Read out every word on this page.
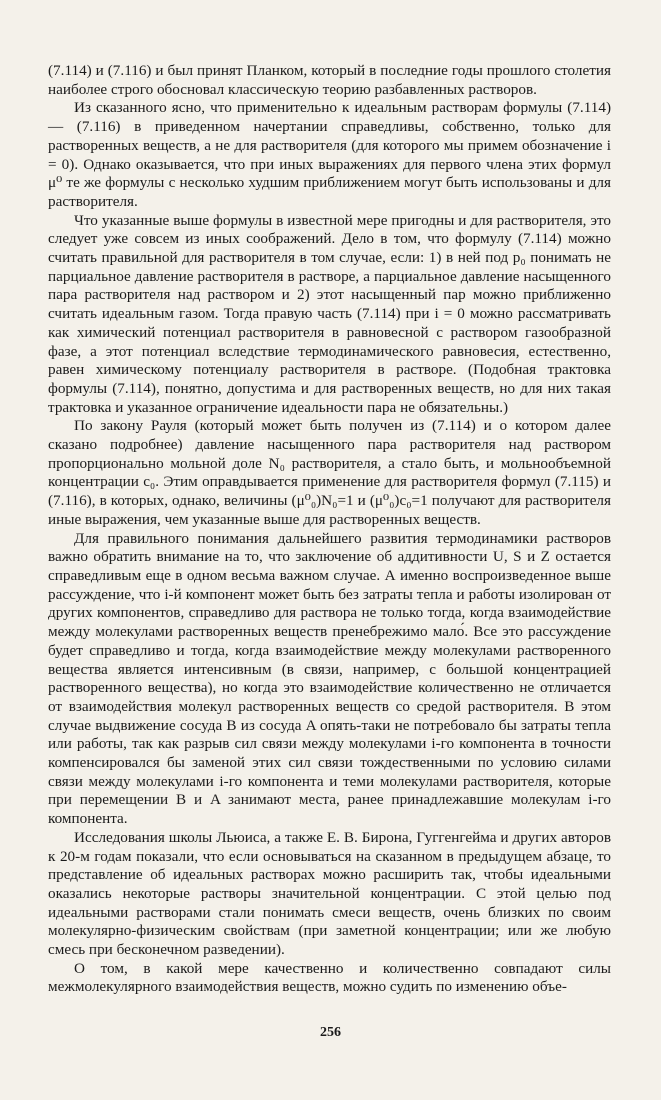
(7.114) и (7.116) и был принят Планком, который в последние годы прошлого столетия наиболее строго обосновал классическую теорию разбавленных растворов.

Из сказанного ясно, что применительно к идеальным растворам формулы (7.114) — (7.116) в приведенном начертании справедливы, собственно, только для растворенных веществ, а не для растворителя (для которого мы примем обозначение i = 0). Однако оказывается, что при иных выражениях для первого члена этих формул μ⁰ те же формулы с несколько худшим приближением могут быть использованы и для растворителя.

Что указанные выше формулы в известной мере пригодны и для растворителя, это следует уже совсем из иных соображений. Дело в том, что формулу (7.114) можно считать правильной для растворителя в том случае, если: 1) в ней под p₀ понимать не парциальное давление растворителя в растворе, а парциальное давление насыщенного пара растворителя над раствором и 2) этот насыщенный пар можно приближенно считать идеальным газом. Тогда правую часть (7.114) при i = 0 можно рассматривать как химический потенциал растворителя в равновесной с раствором газообразной фазе, а этот потенциал вследствие термодинамического равновесия, естественно, равен химическому потенциалу растворителя в растворе. (Подобная трактовка формулы (7.114), понятно, допустима и для растворенных веществ, но для них такая трактовка и указанное ограничение идеальности пара не обязательны.)

По закону Рауля (который может быть получен из (7.114) и о котором далее сказано подробнее) давление насыщенного пара растворителя над раствором пропорционально мольной доле N₀ растворителя, а стало быть, и мольнообъемной концентрации c₀. Этим оправдывается применение для растворителя формул (7.115) и (7.116), в которых, однако, величины (μ⁰₀)N₀=1 и (μ⁰₀)c₀=1 получают для растворителя иные выражения, чем указанные выше для растворенных веществ.

Для правильного понимания дальнейшего развития термодинамики растворов важно обратить внимание на то, что заключение об аддитивности U, S и Z остается справедливым еще в одном весьма важном случае. А именно воспроизведенное выше рассуждение, что i-й компонент может быть без затраты тепла и работы изолирован от других компонентов, справедливо для раствора не только тогда, когда взаимодействие между молекулами растворенных веществ пренебрежимо мало́. Все это рассуждение будет справедливо и тогда, когда взаимодействие между молекулами растворенного вещества является интенсивным (в связи, например, с большой концентрацией растворенного вещества), но когда это взаимодействие количественно не отличается от взаимодействия молекул растворенных веществ со средой растворителя. В этом случае выдвижение сосуда B из сосуда A опять-таки не потребовало бы затраты тепла или работы, так как разрыв сил связи между молекулами i-го компонента в точности компенсировался бы заменой этих сил связи тождественными по условию силами связи между молекулами i-го компонента и теми молекулами растворителя, которые при перемещении B и A занимают места, ранее принадлежавшие молекулам i-го компонента.

Исследования школы Льюиса, а также Е. В. Бирона, Гуггенгейма и других авторов к 20-м годам показали, что если основываться на сказанном в предыдущем абзаце, то представление об идеальных растворах можно расширить так, чтобы идеальными оказались некоторые растворы значительной концентрации. С этой целью под идеальными растворами стали понимать смеси веществ, очень близких по своим молекулярно-физическим свойствам (при заметной концентрации; или же любую смесь при бесконечном разведении).

О том, в какой мере качественно и количественно совпадают силы межмолекулярного взаимодействия веществ, можно судить по изменению объе-

256
